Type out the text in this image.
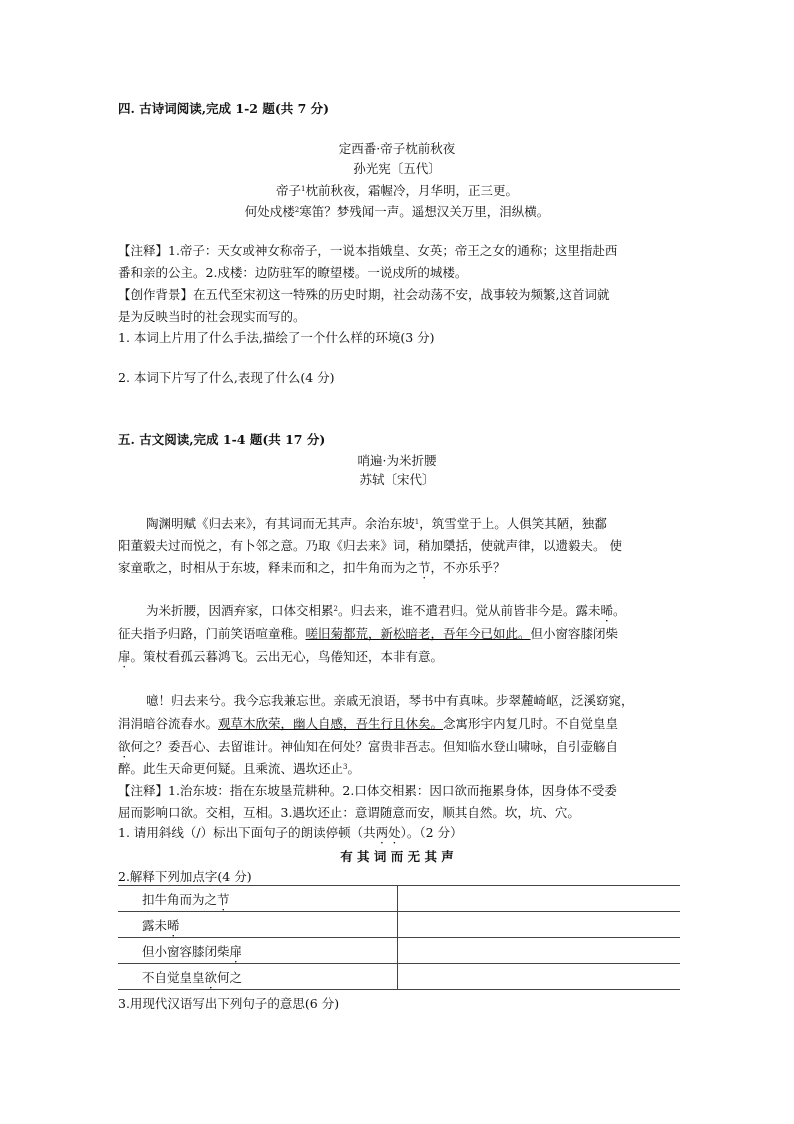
四. 古诗词阅读,完成 1-2 题(共 7 分)
定西番·帝子枕前秋夜
孙光宪〔五代〕
帝子$^1$枕前秋夜，霜幄冷，月华明，正三更。
何处戍楼$^2$寒笛？梦残闻一声。遥想汉关万里，泪纵横。
【注释】1.帝子：天女或神女称帝子，一说本指娥皇、女英；帝王之女的通称；这里指赴西
番和亲的公主。2.戍楼：边防驻军的瞭望楼。一说戍所的城楼。
【创作背景】在五代至宋初这一特殊的历史时期，社会动荡不安，战事较为频繁,这首词就
是为反映当时的社会现实而写的。
1. 本词上片用了什么手法,描绘了一个什么样的环境(3 分)
2. 本词下片写了什么,表现了什么(4 分)
五. 古文阅读,完成 1-4 题(共 17 分)
哨遍·为米折腰
苏轼〔宋代〕
陶渊明赋《归去来》，有其词而无其声。余治东坡$^1$，筑雪堂于上。人俱笑其陋，独鄱
阳董毅夫过而悦之，有卜邻之意。乃取《归去来》词，稍加檃括，使就声律，以遗毅夫。 使
家童歌之，时相从于东坡，释耒而和之，扣牛角而为之节，不亦乐乎？
为米折腰，因酒弃家，口体交相累$^2$。归去来，谁不遣君归。觉从前皆非今是。露未晞。
征夫指予归路，门前笑语喧童稚。嗟旧菊都荒，新松暗老，吾年今已如此。但小窗容膝闭柴
扉。策杖看孤云暮鸿飞。云出无心，鸟倦知还，本非有意。
噫！归去来兮。我今忘我兼忘世。亲戚无浪语，琴书中有真味。步翠麓崎岖，泛溪窈窕，
涓涓暗谷流春水。观草木欣荣，幽人自感，吾生行且休矣。念寓形宇内复几时。不自觉皇皇
欲何之？委吾心、去留谁计。神仙知在何处？富贵非吾志。但知临水登山啸咏，自引壶觞自
醉。此生天命更何疑。且乘流、遇坎还止$^3$。
【注释】1.治东坡：指在东坡垦荒耕种。2.口体交相累：因口欲而拖累身体，因身体不受委
屈而影响口欲。交相，互相。3.遇坎还止：意谓随意而安，顺其自然。坎，坑、穴。
1. 请用斜线（/）标出下面句子的朗读停顿（共两处）。（2 分）
有 其 词 而 无 其 声
2.解释下列加点字(4 分)
扣牛角而为之节	
露未晞	
但小窗容膝闭柴扉	
不自觉皇皇欲何之	
3.用现代汉语写出下列句子的意思(6 分)
